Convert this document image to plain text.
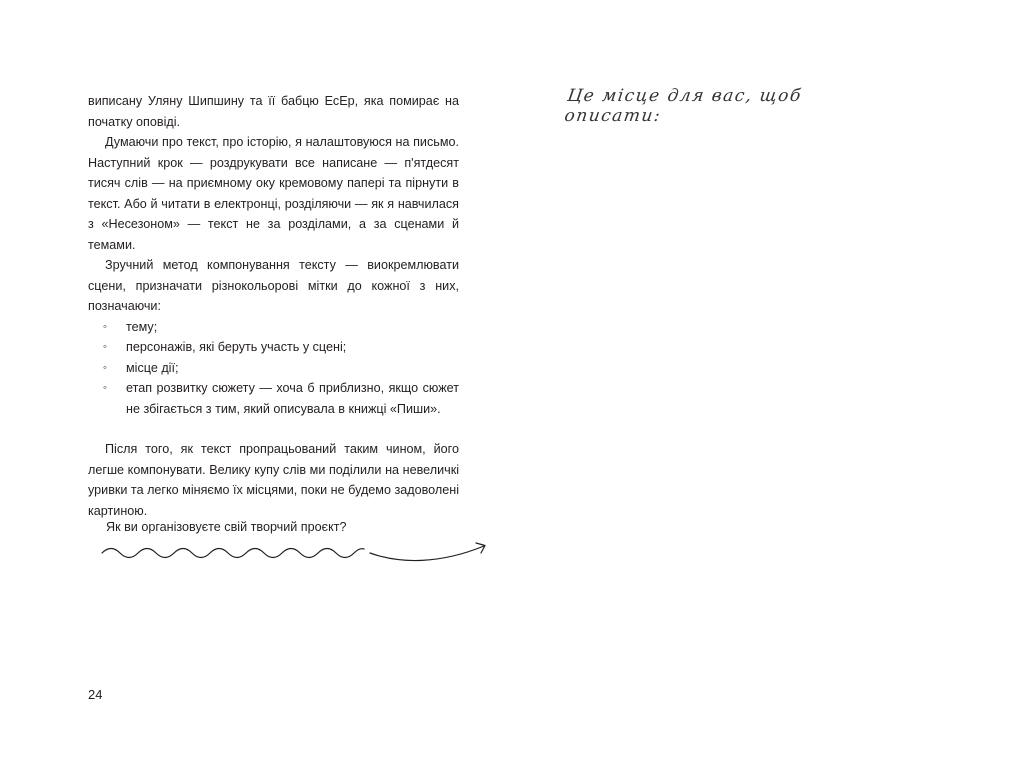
виписану Уляну Шипшину та її бабцю ЕсЕр, яка помирає на початку оповіді.

Думаючи про текст, про історію, я налаштовуюся на письмо. Наступний крок — роздрукувати все написане — п'ятдесят тисяч слів — на приємному оку кремовому папері та пірнути в текст. Або й читати в електронці, розділяючи — як я навчилася з «Несезоном» — текст не за розділами, а за сценами й темами.

Зручний метод компонування тексту — виокремлювати сцени, призначати різнокольорові мітки до кожної з них, позначаючи:

◦ тему;
◦ персонажів, які беруть участь у сцені;
◦ місце дії;
◦ етап розвитку сюжету — хоча б приблизно, якщо сюжет не збігається з тим, який описувала в книжці «Пиши».

Після того, як текст пропрацьований таким чином, його легше компонувати. Велику купу слів ми поділили на невеличкі уривки та легко міняємо їх місцями, поки не будемо задоволені картиною.

Як ви організовуєте свій творчий проєкт?
24
Це місце для вас, щоб описати:
